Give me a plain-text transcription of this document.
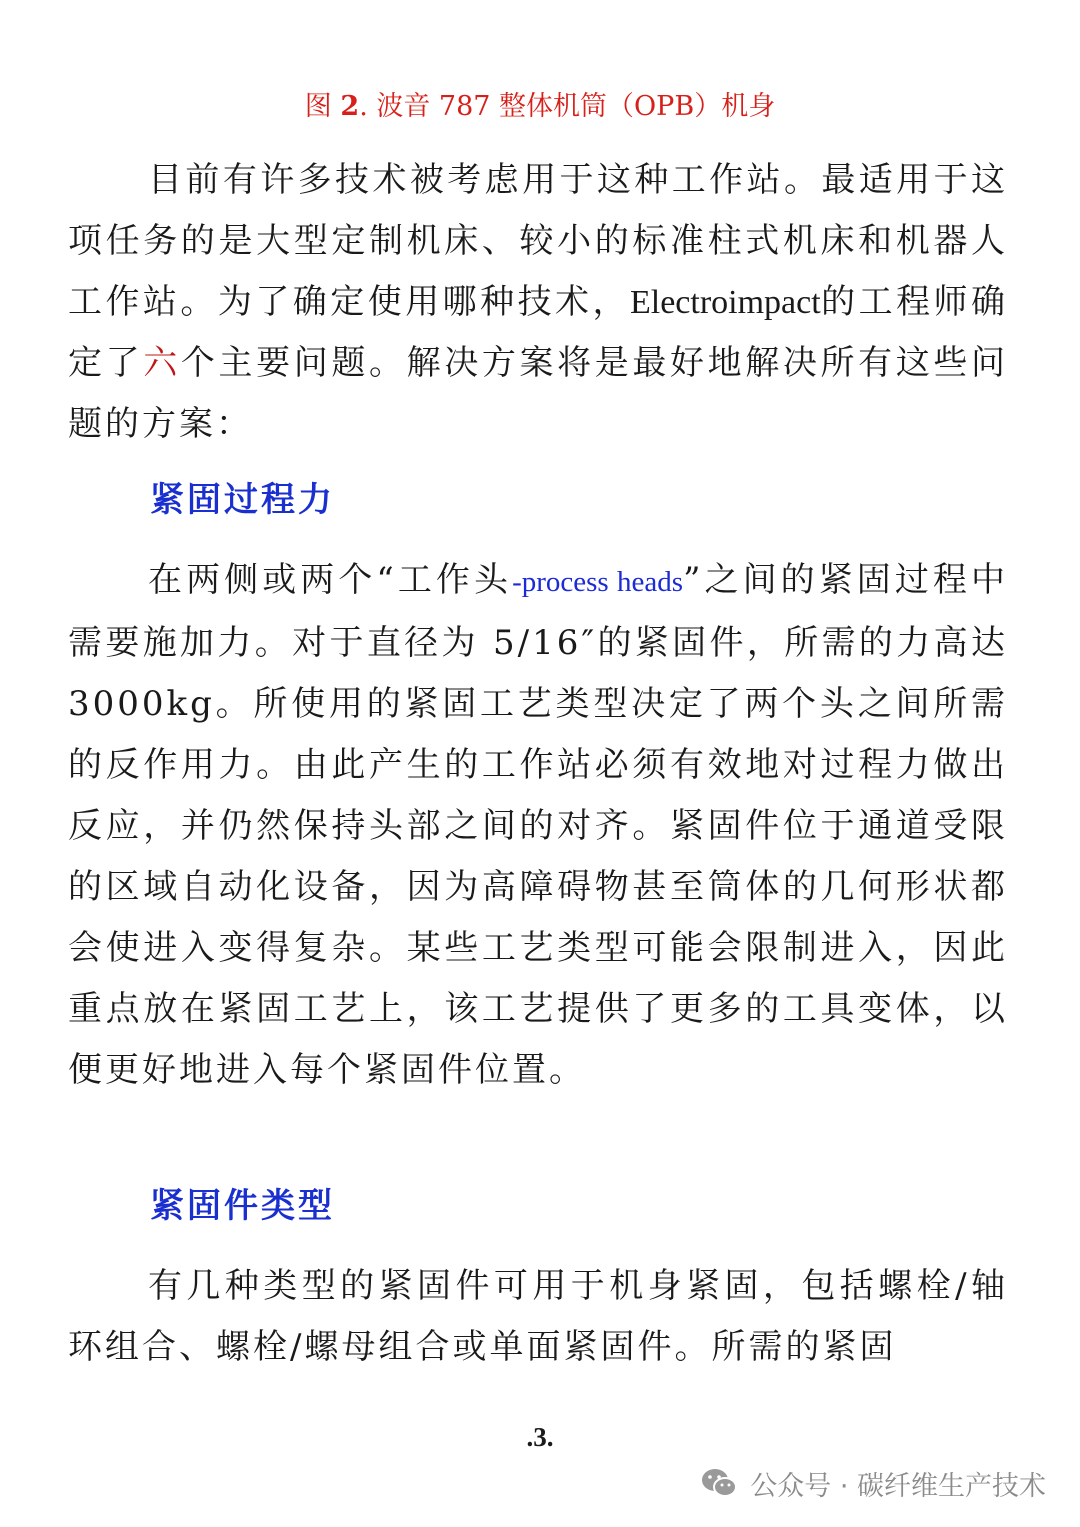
图 2. 波音 787 整体机筒（OPB）机身

目前有许多技术被考虑用于这种工作站。最适用于这项任务的是大型定制机床、较小的标准柱式机床和机器人工作站。为了确定使用哪种技术，Electroimpact的工程师确定了六个主要问题。解决方案将是最好地解决所有这些问题的方案：

紧固过程力

在两侧或两个“工作头-process heads”之间的紧固过程中需要施加力。对于直径为 5/16″的紧固件，所需的力高达 3000kg。所使用的紧固工艺类型决定了两个头之间所需的反作用力。由此产生的工作站必须有效地对过程力做出反应，并仍然保持头部之间的对齐。紧固件位于通道受限的区域自动化设备，因为高障碍物甚至筒体的几何形状都会使进入变得复杂。某些工艺类型可能会限制进入，因此重点放在紧固工艺上，该工艺提供了更多的工具变体，以便更好地进入每个紧固件位置。

紧固件类型

有几种类型的紧固件可用于机身紧固，包括螺栓/轴环组合、螺栓/螺母组合或单面紧固件。所需的紧固

.3.
公众号 · 碳纤维生产技术
